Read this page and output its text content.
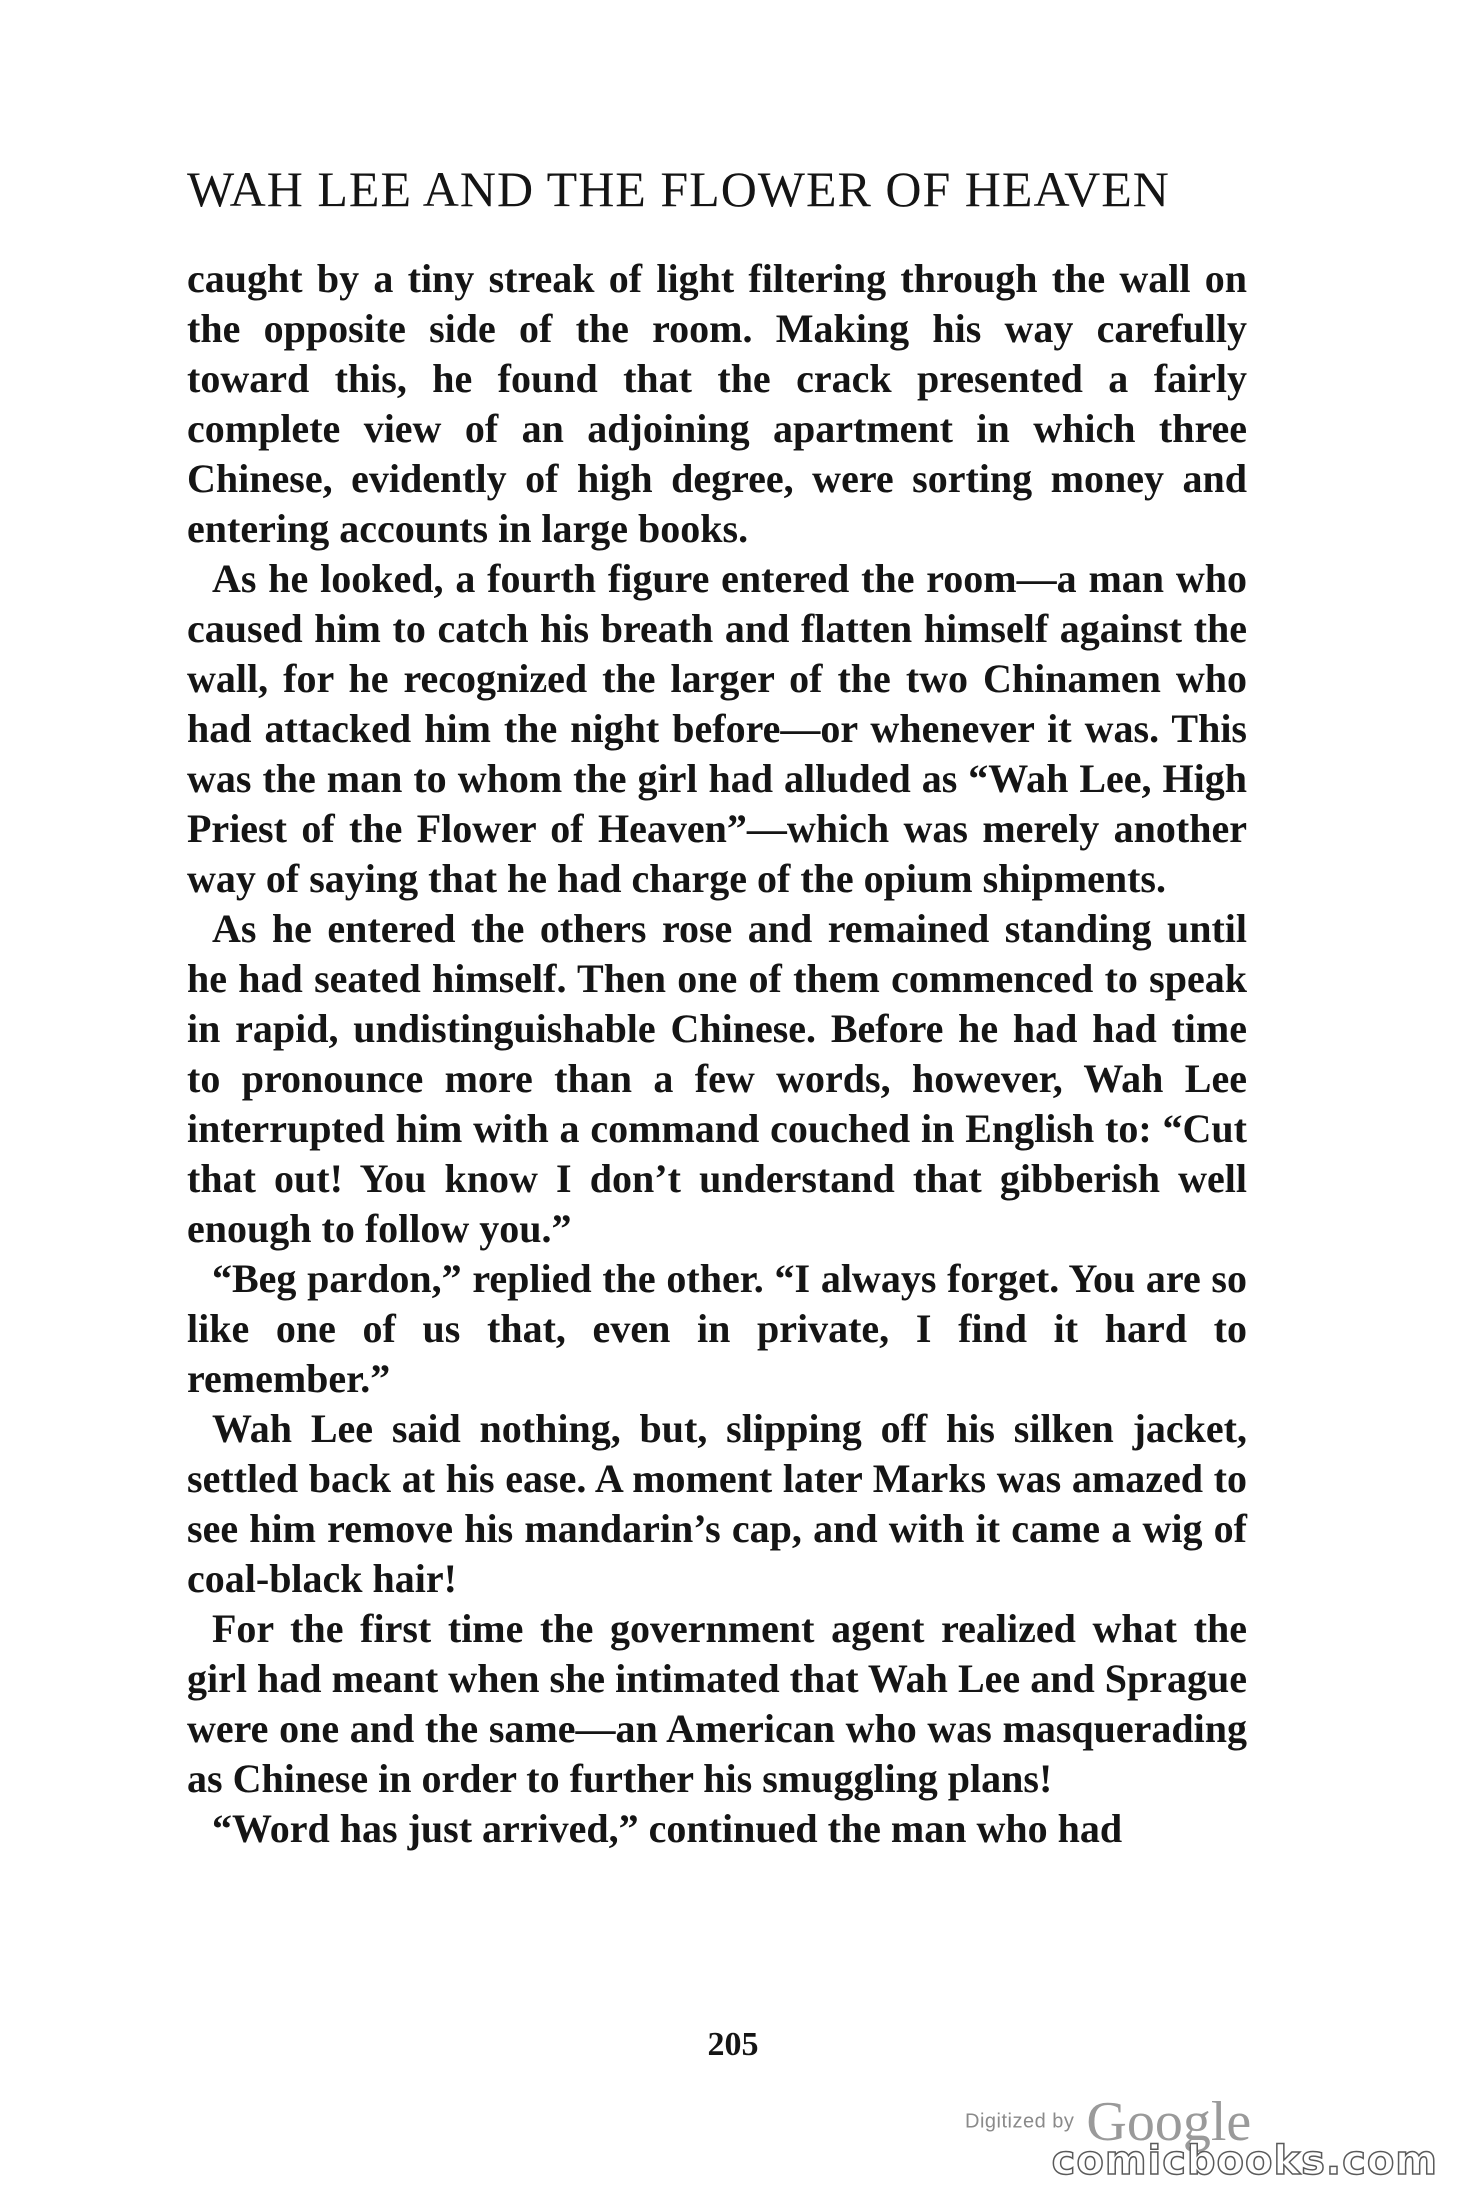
WAH LEE AND THE FLOWER OF HEAVEN

caught by a tiny streak of light filtering through the wall on the opposite side of the room. Making his way carefully toward this, he found that the crack presented a fairly complete view of an adjoining apartment in which three Chinese, evidently of high degree, were sorting money and entering accounts in large books.

As he looked, a fourth figure entered the room—a man who caused him to catch his breath and flatten himself against the wall, for he recognized the larger of the two Chinamen who had attacked him the night before—or whenever it was. This was the man to whom the girl had alluded as “Wah Lee, High Priest of the Flower of Heaven”—which was merely another way of saying that he had charge of the opium shipments.

As he entered the others rose and remained standing until he had seated himself. Then one of them commenced to speak in rapid, undistinguishable Chinese. Before he had had time to pronounce more than a few words, however, Wah Lee interrupted him with a command couched in English to: “Cut that out! You know I don’t understand that gibberish well enough to follow you.”

“Beg pardon,” replied the other. “I always forget. You are so like one of us that, even in private, I find it hard to remember.”

Wah Lee said nothing, but, slipping off his silken jacket, settled back at his ease. A moment later Marks was amazed to see him remove his mandarin’s cap, and with it came a wig of coal-black hair!

For the first time the government agent realized what the girl had meant when she intimated that Wah Lee and Sprague were one and the same—an American who was masquerading as Chinese in order to further his smuggling plans!

“Word has just arrived,” continued the man who had

205
Digitized by Google
comicbooks.com
